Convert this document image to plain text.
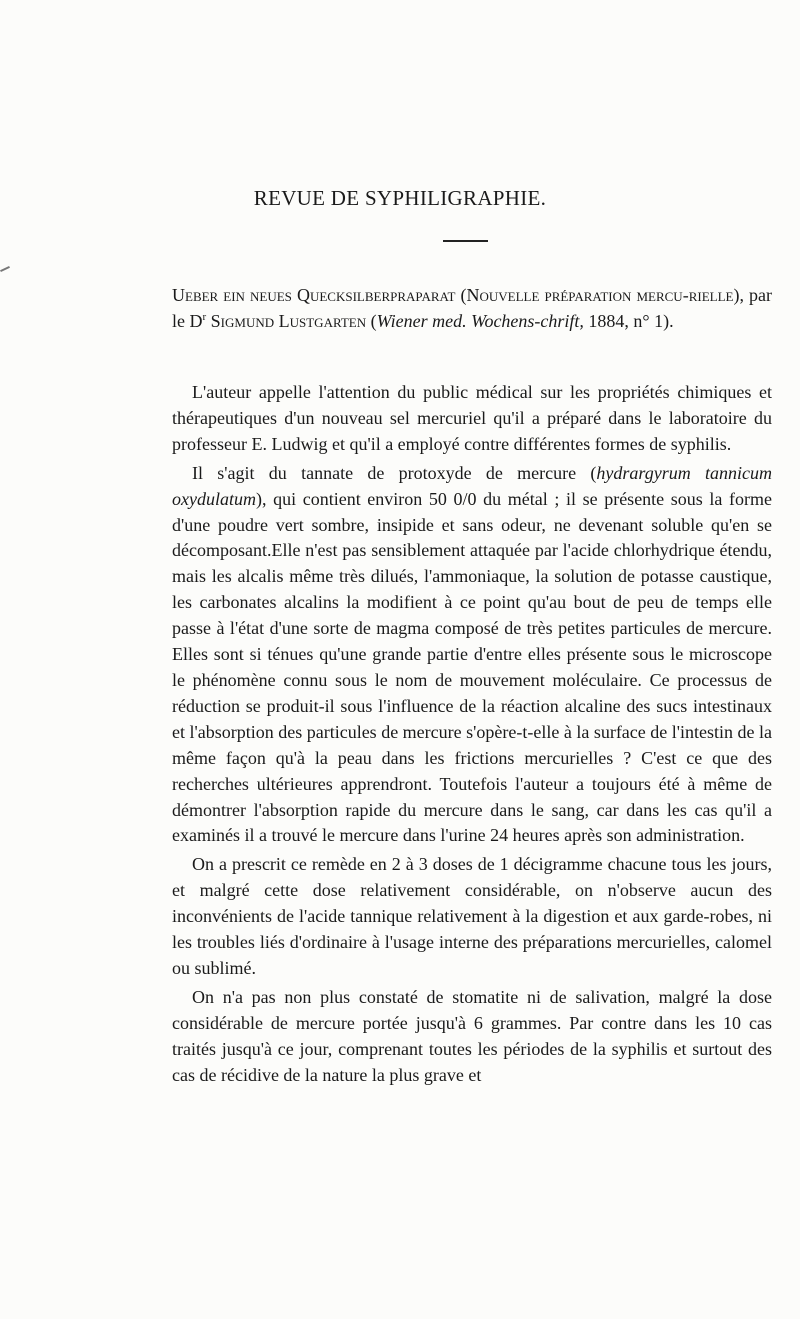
REVUE DE SYPHILIGRAPHIE.

Ueber ein neues Quecksilberpraparat (Nouvelle préparation mercu-rielle), par le $D^r$ Sigmund Lustgarten (Wiener med. Wochens-chrift, 1884, n° 1).

L'auteur appelle l'attention du public médical sur les propriétés chimiques et thérapeutiques d'un nouveau sel mercuriel qu'il a préparé dans le laboratoire du professeur E. Ludwig et qu'il a employé contre différentes formes de syphilis.

Il s'agit du tannate de protoxyde de mercure (hydrargyrum tannicum oxydulatum), qui contient environ 50 0/0 du métal ; il se présente sous la forme d'une poudre vert sombre, insipide et sans odeur, ne devenant soluble qu'en se décomposant.Elle n'est pas sensiblement attaquée par l'acide chlorhydrique étendu, mais les alcalis même très dilués, l'ammoniaque, la solution de potasse caustique, les carbonates alcalins la modifient à ce point qu'au bout de peu de temps elle passe à l'état d'une sorte de magma composé de très petites particules de mercure. Elles sont si ténues qu'une grande partie d'entre elles présente sous le microscope le phénomène connu sous le nom de mouvement moléculaire. Ce processus de réduction se produit-il sous l'influence de la réaction alcaline des sucs intestinaux et l'absorption des particules de mercure s'opère-t-elle à la surface de l'intestin de la même façon qu'à la peau dans les frictions mercurielles ? C'est ce que des recherches ultérieures apprendront. Toutefois l'auteur a toujours été à même de démontrer l'absorption rapide du mercure dans le sang, car dans les cas qu'il a examinés il a trouvé le mercure dans l'urine 24 heures après son administration.

On a prescrit ce remède en 2 à 3 doses de 1 décigramme chacune tous les jours, et malgré cette dose relativement considérable, on n'observe aucun des inconvénients de l'acide tannique relativement à la digestion et aux garde-robes, ni les troubles liés d'ordinaire à l'usage interne des préparations mercurielles, calomel ou sublimé.

On n'a pas non plus constaté de stomatite ni de salivation, malgré la dose considérable de mercure portée jusqu'à 6 grammes. Par contre dans les 10 cas traités jusqu'à ce jour, comprenant toutes les périodes de la syphilis et surtout des cas de récidive de la nature la plus grave et
